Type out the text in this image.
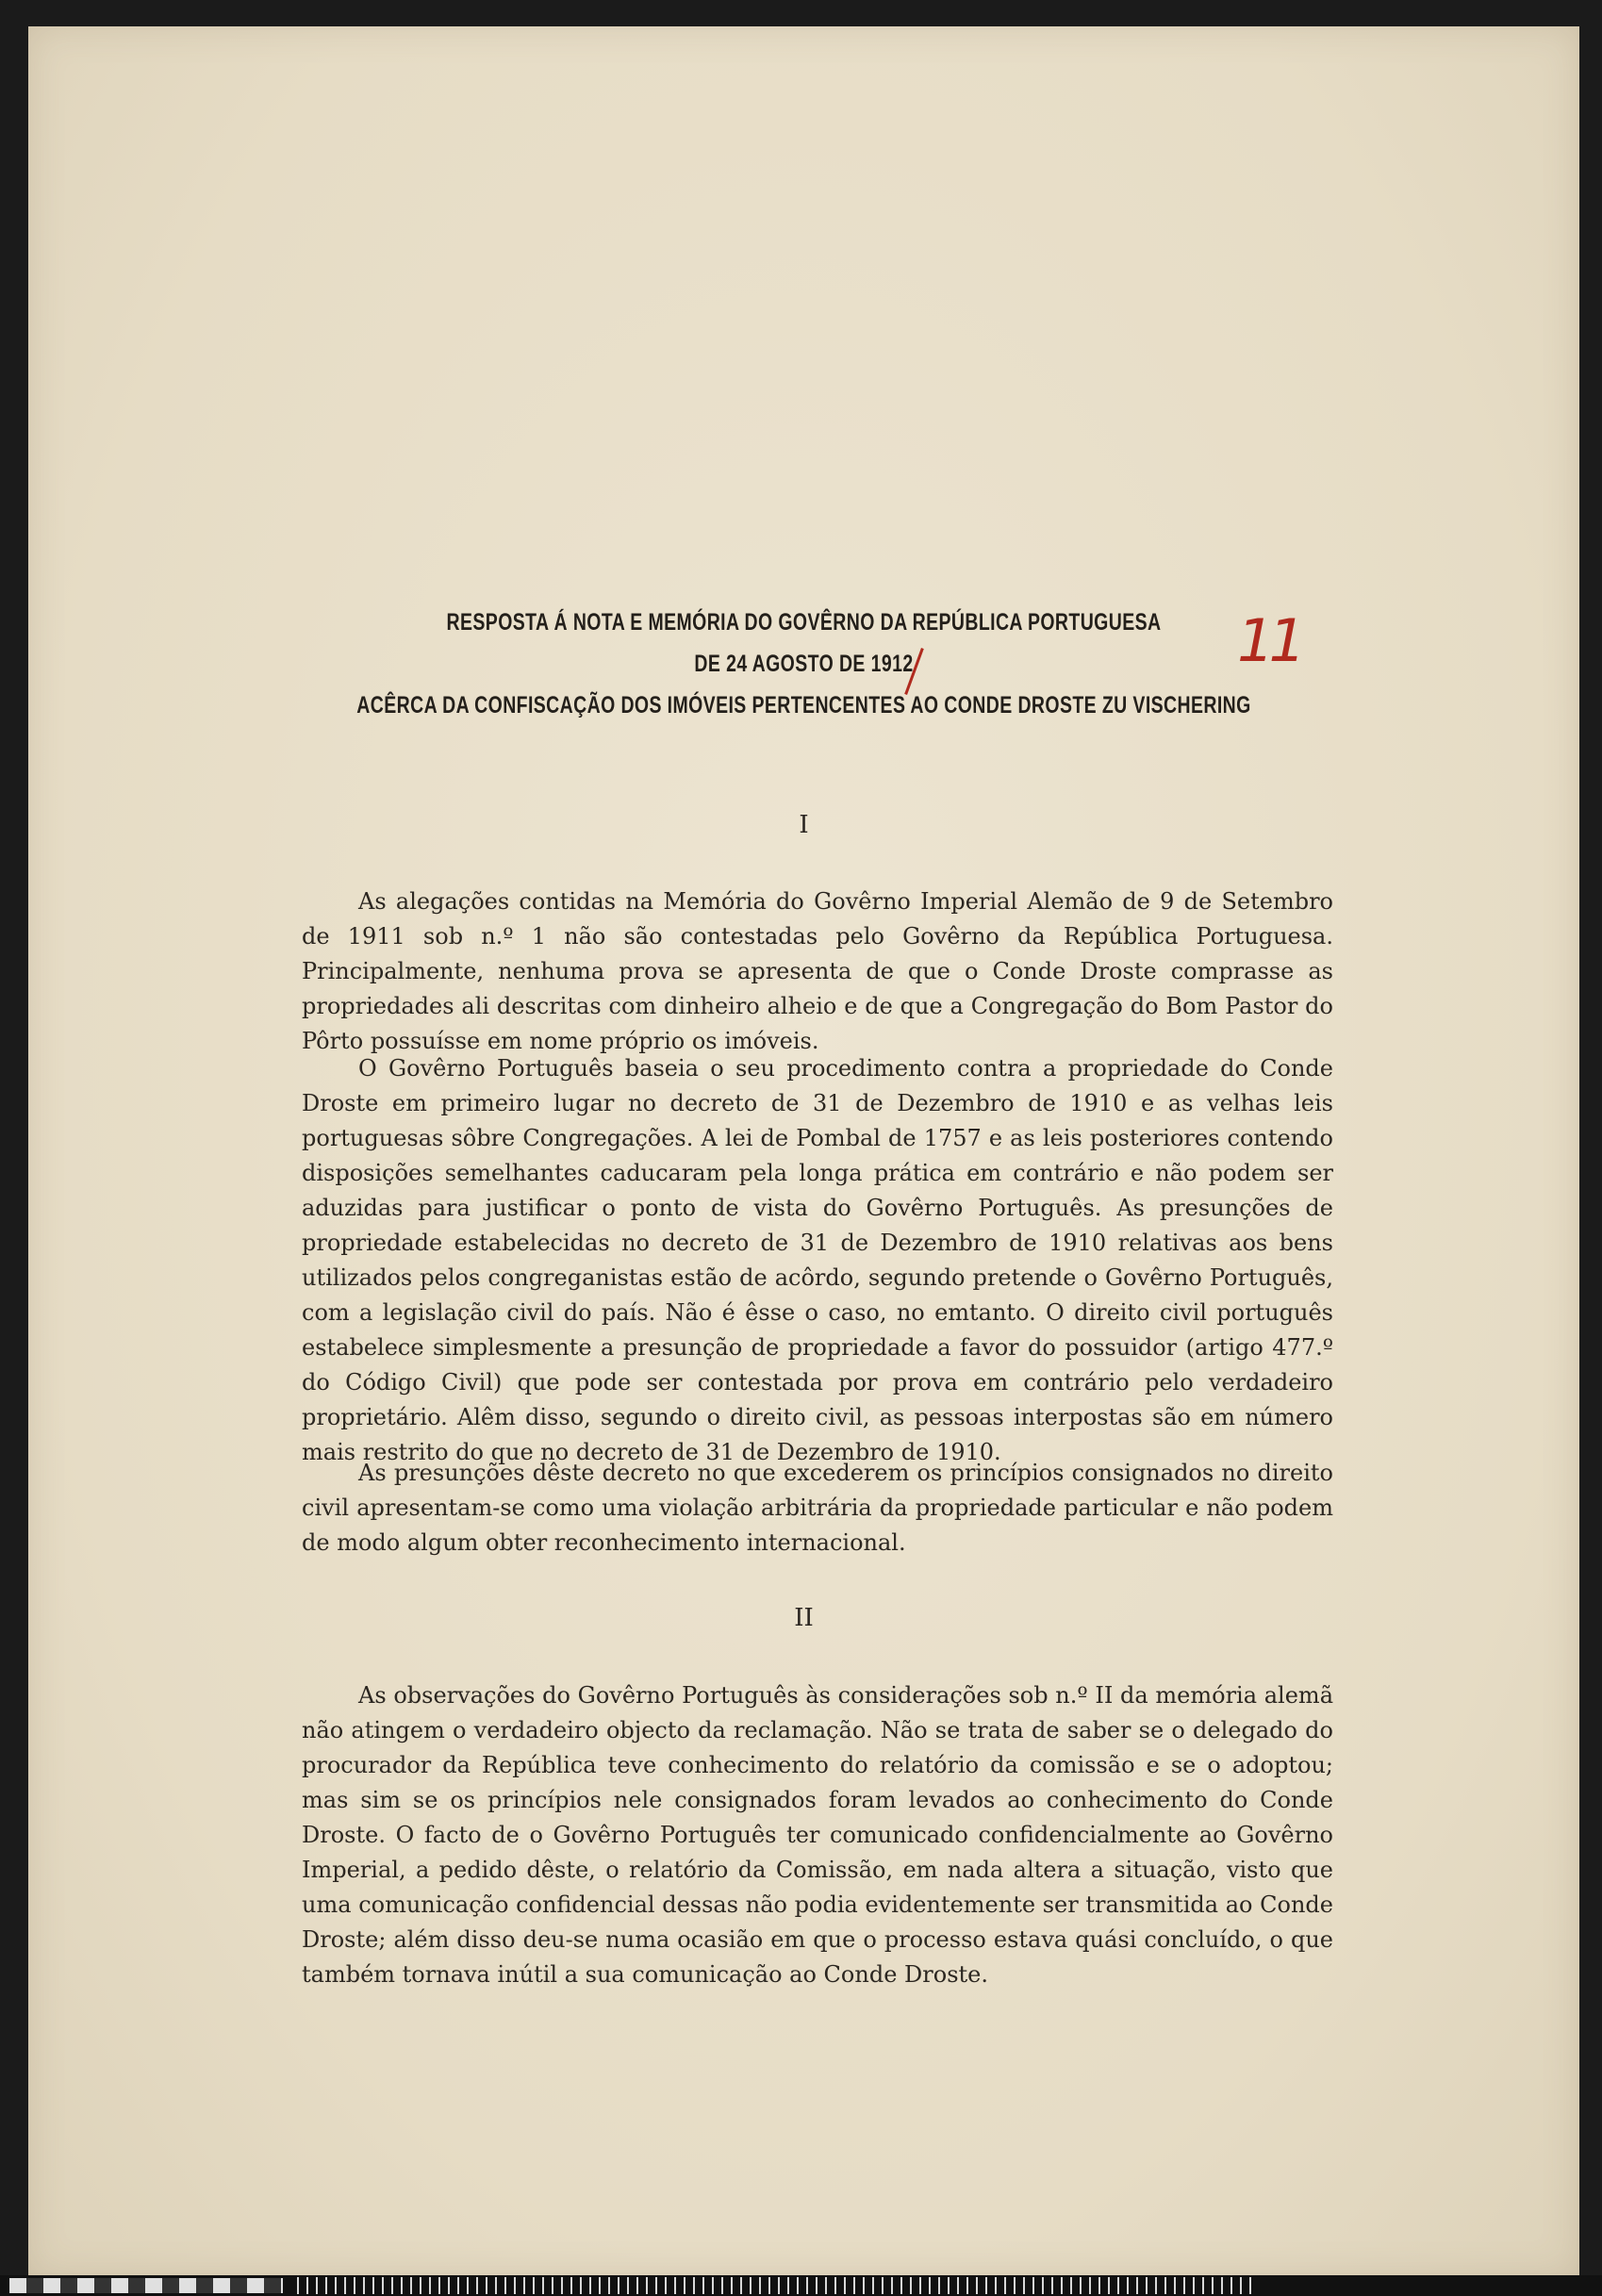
RESPOSTA Á NOTA E MEMÓRIA DO GOVÊRNO DA REPÚBLICA PORTUGUESA
DE 24 AGOSTO DE 1912
ACÊRCA DA CONFISCAÇÃO DOS IMÓVEIS PERTENCENTES AO CONDE DROSTE ZU VISCHERING
11
I

As alegações contidas na Memória do Govêrno Imperial Alemão de 9 de Setembro de 1911 sob n.º 1 não são contestadas pelo Govêrno da República Portuguesa. Principalmente, nenhuma prova se apresenta de que o Conde Droste comprasse as propriedades ali descritas com dinheiro alheio e de que a Congregação do Bom Pastor do Pôrto possuísse em nome próprio os imóveis.

O Govêrno Português baseia o seu procedimento contra a propriedade do Conde Droste em primeiro lugar no decreto de 31 de Dezembro de 1910 e as velhas leis portuguesas sôbre Congregações. A lei de Pombal de 1757 e as leis posteriores contendo disposições semelhantes caducaram pela longa prática em contrário e não podem ser aduzidas para justificar o ponto de vista do Govêrno Português. As presunções de propriedade estabelecidas no decreto de 31 de Dezembro de 1910 relativas aos bens utilizados pelos congreganistas estão de acôrdo, segundo pretende o Govêrno Português, com a legislação civil do país. Não é êsse o caso, no emtanto. O direito civil português estabelece simplesmente a presunção de propriedade a favor do possuidor (artigo 477.º do Código Civil) que pode ser contestada por prova em contrário pelo verdadeiro proprietário. Alêm disso, segundo o direito civil, as pessoas interpostas são em número mais restrito do que no decreto de 31 de Dezembro de 1910.

As presunções dêste decreto no que excederem os princípios consignados no direito civil apresentam-se como uma violação arbitrária da propriedade particular e não podem de modo algum obter reconhecimento internacional.

II

As observações do Govêrno Português às considerações sob n.º II da memória alemã não atingem o verdadeiro objecto da reclamação. Não se trata de saber se o delegado do procurador da República teve conhecimento do relatório da comissão e se o adoptou; mas sim se os princípios nele consignados foram levados ao conhecimento do Conde Droste. O facto de o Govêrno Português ter comunicado confidencialmente ao Govêrno Imperial, a pedido dêste, o relatório da Comissão, em nada altera a situação, visto que uma comunicação confidencial dessas não podia evidentemente ser transmitida ao Conde Droste; além disso deu-se numa ocasião em que o processo estava quási concluído, o que também tornava inútil a sua comunicação ao Conde Droste.
